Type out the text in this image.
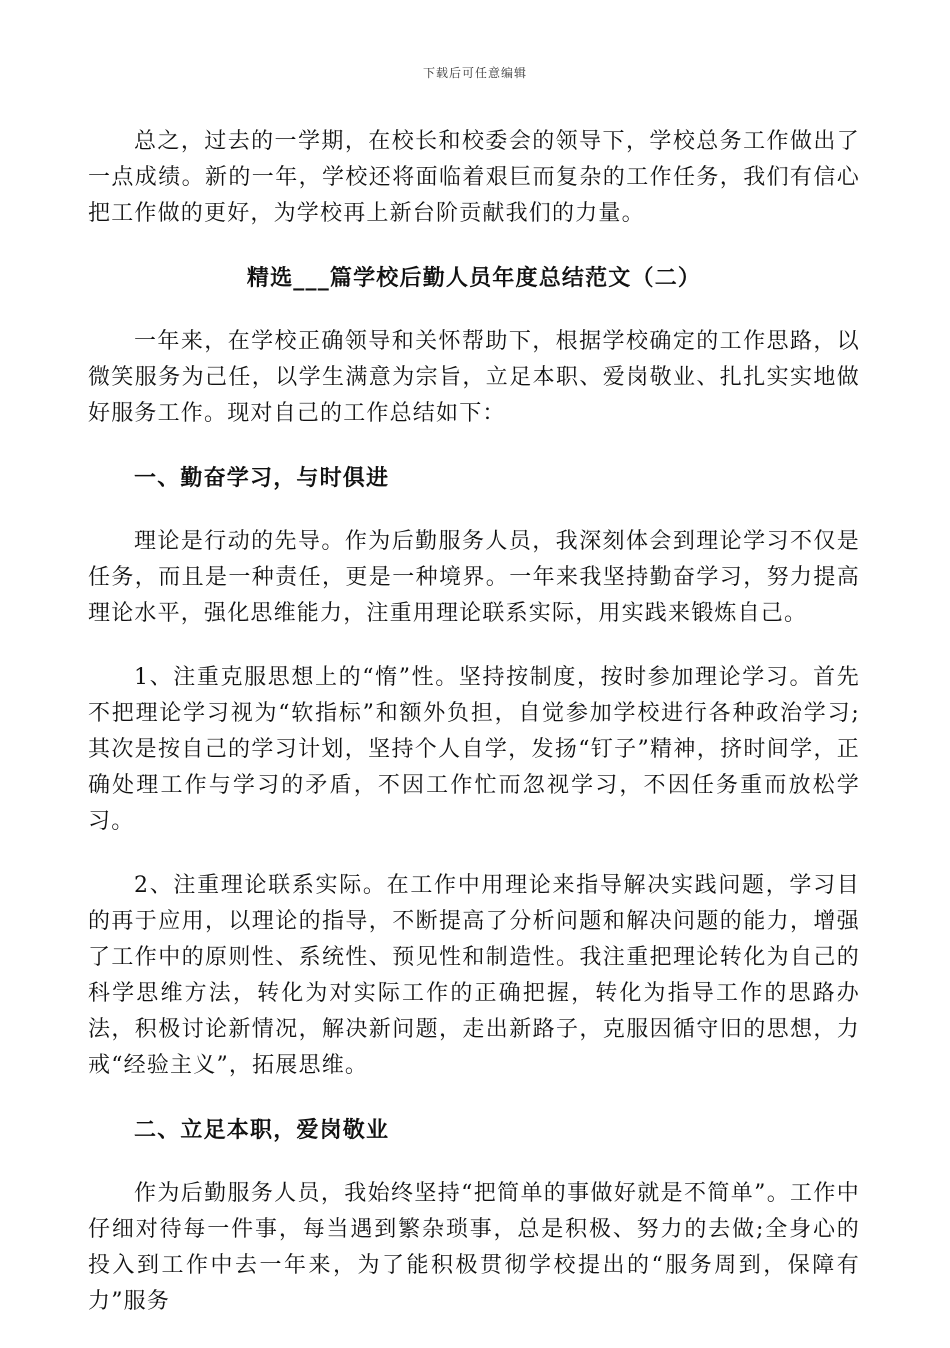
下载后可任意编辑

总之，过去的一学期，在校长和校委会的领导下，学校总务工作做出了一点成绩。新的一年，学校还将面临着艰巨而复杂的工作任务，我们有信心把工作做的更好，为学校再上新台阶贡献我们的力量。

精选___篇学校后勤人员年度总结范文（二）

一年来，在学校正确领导和关怀帮助下，根据学校确定的工作思路，以微笑服务为己任，以学生满意为宗旨，立足本职、爱岗敬业、扎扎实实地做好服务工作。现对自己的工作总结如下：

一、勤奋学习，与时俱进

理论是行动的先导。作为后勤服务人员，我深刻体会到理论学习不仅是任务，而且是一种责任，更是一种境界。一年来我坚持勤奋学习，努力提高理论水平，强化思维能力，注重用理论联系实际，用实践来锻炼自己。

1、注重克服思想上的“惰”性。坚持按制度，按时参加理论学习。首先不把理论学习视为“软指标”和额外负担，自觉参加学校进行各种政治学习;其次是按自己的学习计划，坚持个人自学，发扬“钉子”精神，挤时间学，正确处理工作与学习的矛盾，不因工作忙而忽视学习，不因任务重而放松学习。

2、注重理论联系实际。在工作中用理论来指导解决实践问题，学习目的再于应用，以理论的指导，不断提高了分析问题和解决问题的能力，增强了工作中的原则性、系统性、预见性和制造性。我注重把理论转化为自己的科学思维方法，转化为对实际工作的正确把握，转化为指导工作的思路办法，积极讨论新情况，解决新问题，走出新路子，克服因循守旧的思想，力戒“经验主义”，拓展思维。

二、立足本职，爱岗敬业

作为后勤服务人员，我始终坚持“把简单的事做好就是不简单”。工作中仔细对待每一件事，每当遇到繁杂琐事，总是积极、努力的去做;全身心的投入到工作中去一年来，为了能积极贯彻学校提出的“服务周到，保障有力”服务
